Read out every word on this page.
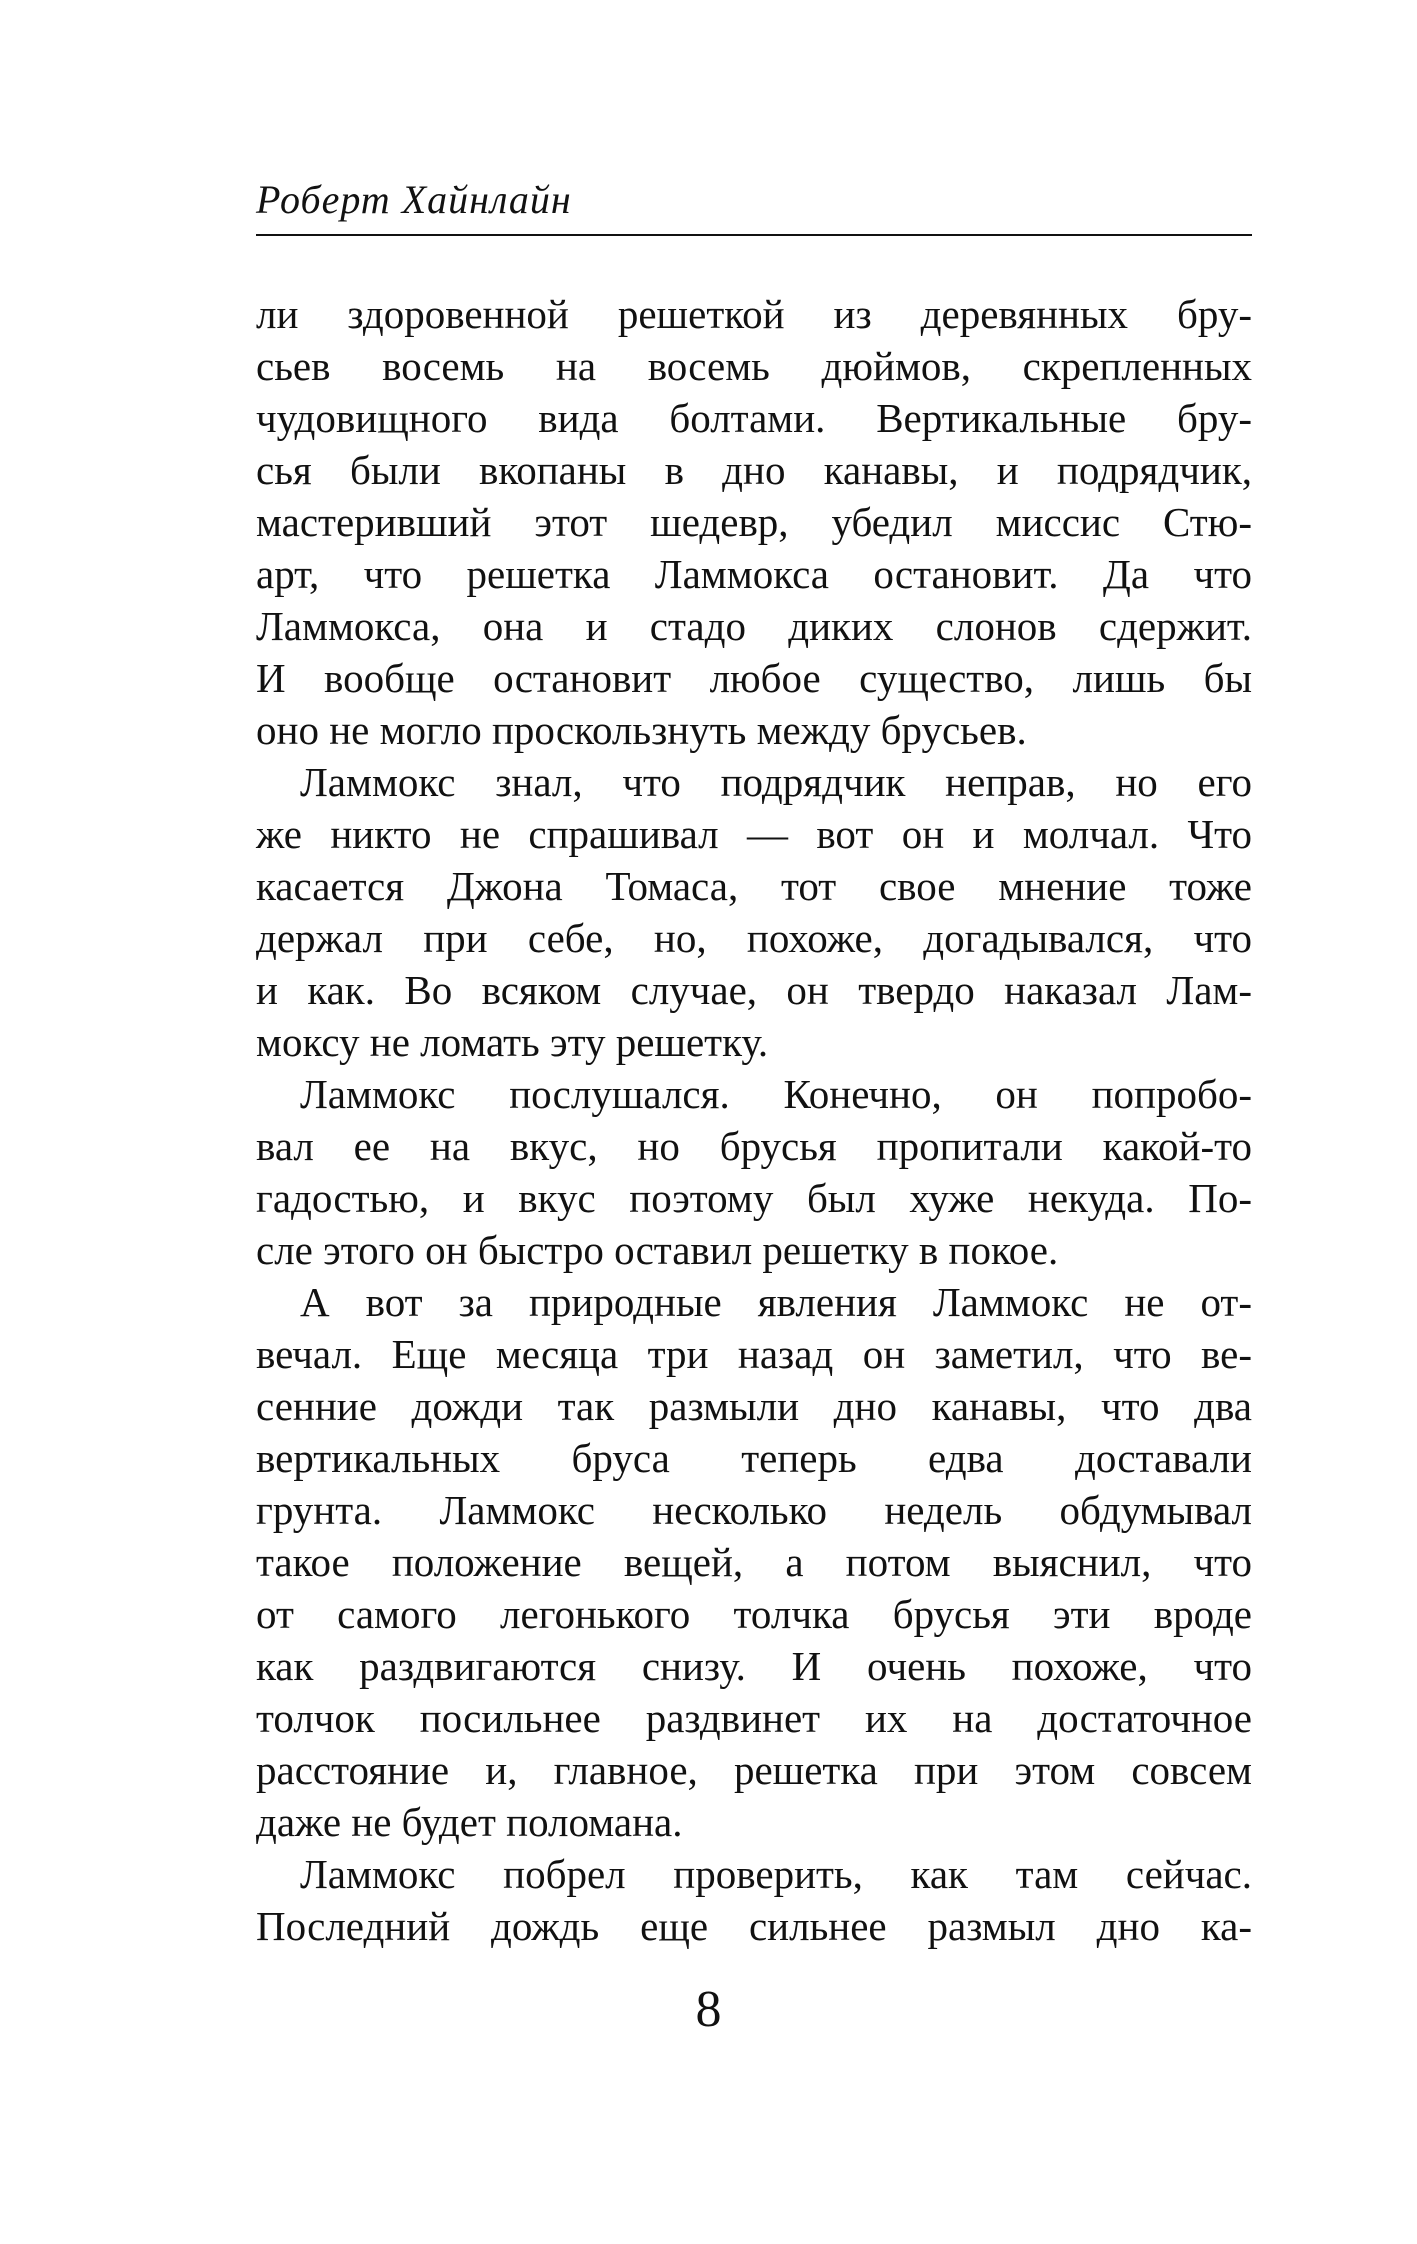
Роберт Хайнлайн
ли здоровенной решеткой из деревянных бру-
сьев восемь на восемь дюймов, скрепленных
чудовищного вида болтами. Вертикальные бру-
сья были вкопаны в дно канавы, и подрядчик,
мастеривший этот шедевр, убедил миссис Стю-
арт, что решетка Ламмокса остановит. Да что
Ламмокса, она и стадо диких слонов сдержит.
И вообще остановит любое существо, лишь бы
оно не могло проскользнуть между брусьев.
Ламмокс знал, что подрядчик неправ, но его
же никто не спрашивал — вот он и молчал. Что
касается Джона Томаса, тот свое мнение тоже
держал при себе, но, похоже, догадывался, что
и как. Во всяком случае, он твердо наказал Лам-
моксу не ломать эту решетку.
Ламмокс послушался. Конечно, он попробо-
вал ее на вкус, но брусья пропитали какой-то
гадостью, и вкус поэтому был хуже некуда. По-
сле этого он быстро оставил решетку в покое.
А вот за природные явления Ламмокс не от-
вечал. Еще месяца три назад он заметил, что ве-
сенние дожди так размыли дно канавы, что два
вертикальных бруса теперь едва доставали
грунта. Ламмокс несколько недель обдумывал
такое положение вещей, а потом выяснил, что
от самого легонького толчка брусья эти вроде
как раздвигаются снизу. И очень похоже, что
толчок посильнее раздвинет их на достаточное
расстояние и, главное, решетка при этом совсем
даже не будет поломана.
Ламмокс побрел проверить, как там сейчас.
Последний дождь еще сильнее размыл дно ка-
8
